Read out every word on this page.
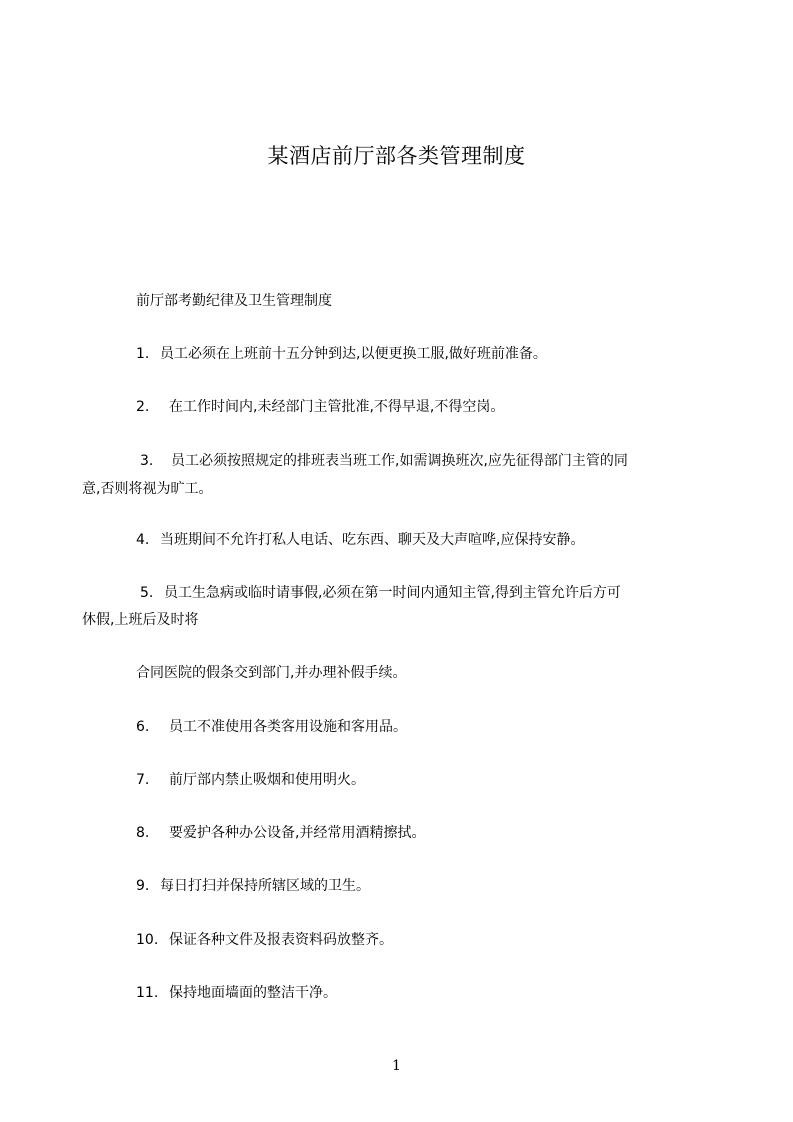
某酒店前厅部各类管理制度
前厅部考勤纪律及卫生管理制度
1. 员工必须在上班前十五分钟到达,以便更换工服,做好班前准备。
2. 在工作时间内,未经部门主管批准,不得早退,不得空岗。
3. 员工必须按照规定的排班表当班工作,如需调换班次,应先征得部门主管的同
意,否则将视为旷工。
4. 当班期间不允许打私人电话、吃东西、聊天及大声喧哗,应保持安静。
5. 员工生急病或临时请事假,必须在第一时间内通知主管,得到主管允许后方可
休假,上班后及时将
合同医院的假条交到部门,并办理补假手续。
6. 员工不准使用各类客用设施和客用品。
7. 前厅部内禁止吸烟和使用明火。
8. 要爱护各种办公设备,并经常用酒精擦拭。
9. 每日打扫并保持所辖区域的卫生。
10. 保证各种文件及报表资料码放整齐。
11. 保持地面墙面的整洁干净。
1
